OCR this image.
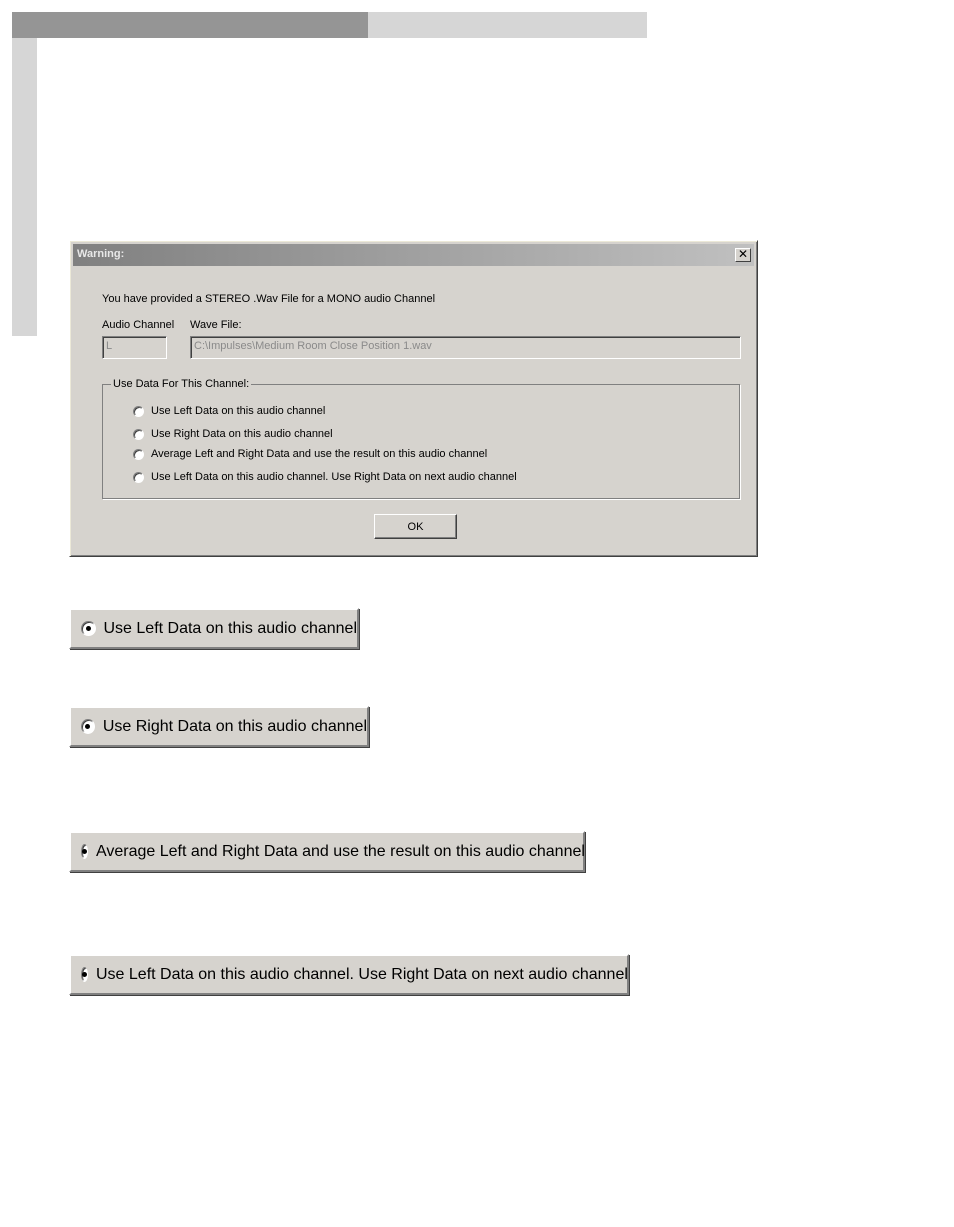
Warning:	✕
You have provided a STEREO .Wav File for a MONO audio Channel
Audio Channel Wave File:
L	C:\Impulses\Medium Room Close Position 1.wav
Use Data For This Channel:
Use Left Data on this audio channel
Use Right Data on this audio channel
Average Left and Right Data and use the result on this audio channel
Use Left Data on this audio channel. Use Right Data on next audio channel
OK
Use Left Data on this audio channel
Use Right Data on this audio channel
Average Left and Right Data and use the result on this audio channel
Use Left Data on this audio channel. Use Right Data on next audio channel
